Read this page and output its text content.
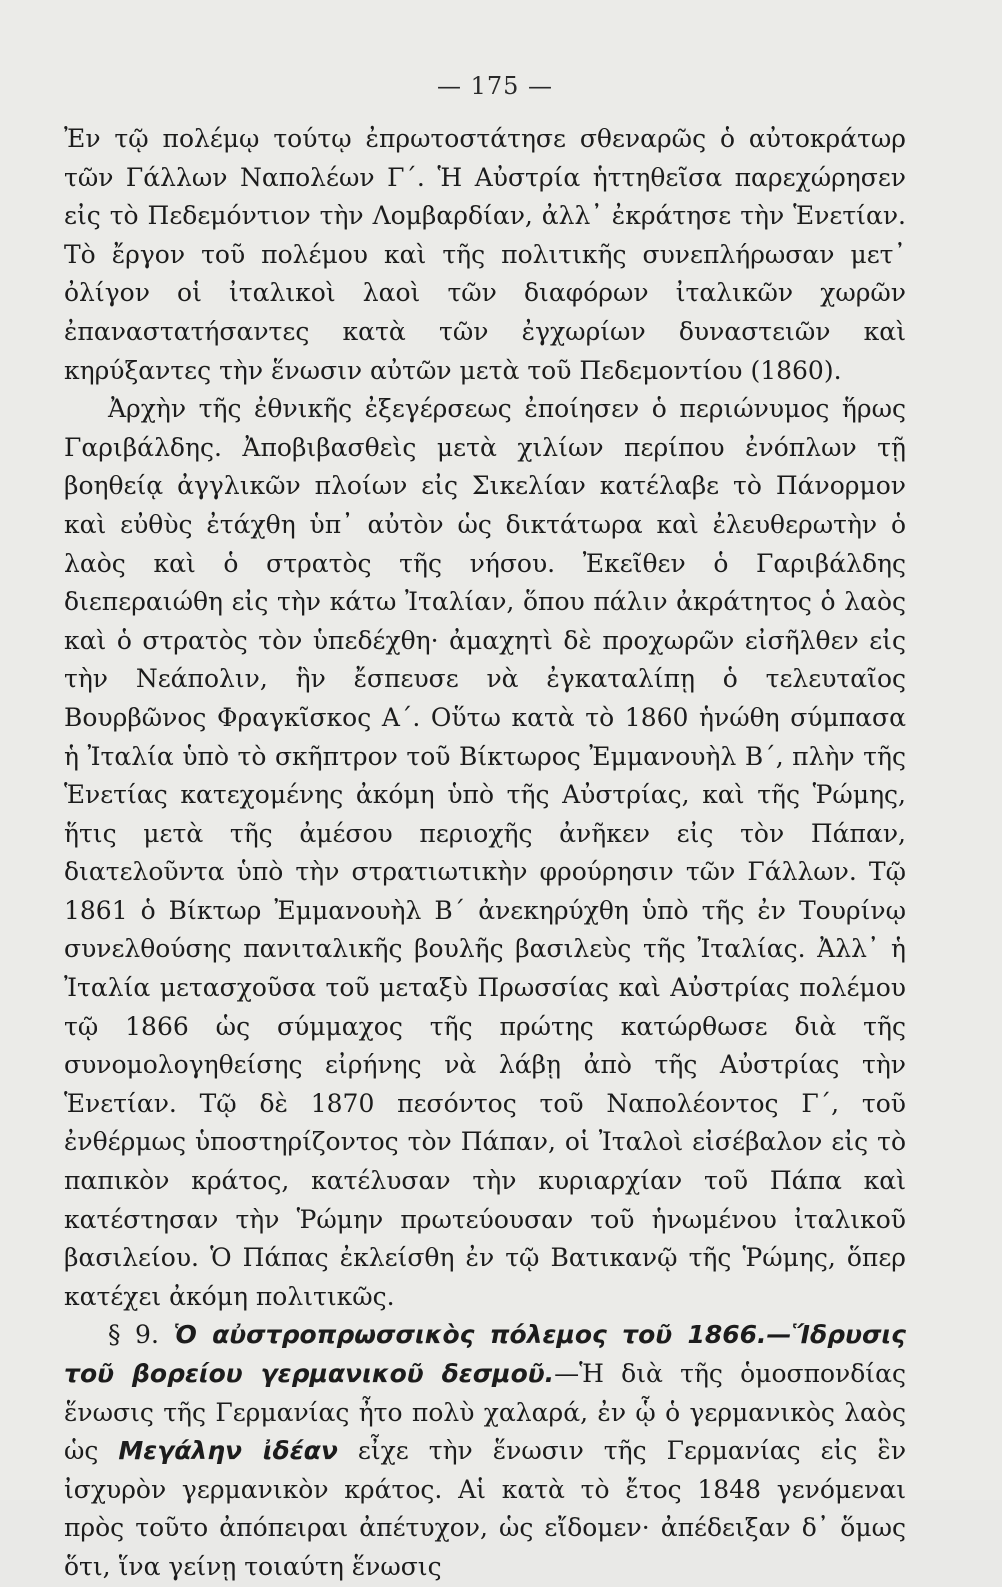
— 175 —

Ἐν τῷ πολέμῳ τούτῳ ἐπρωτοστάτησε σθεναρῶς ὁ αὐτοκράτωρ τῶν Γάλλων Ναπολέων Γ΄. Ἡ Αὐστρία ἡττηθεῖσα παρεχώρησεν εἰς τὸ Πεδεμόντιον τὴν Λομβαρδίαν, ἀλλ᾿ ἐκράτησε τὴν Ἑνετίαν. Τὸ ἔργον τοῦ πολέμου καὶ τῆς πολιτικῆς συνεπλήρωσαν μετ᾿ ὀλίγον οἱ ἰταλικοὶ λαοὶ τῶν διαφόρων ἰταλικῶν χωρῶν ἐπαναστατήσαντες κατὰ τῶν ἐγχωρίων δυναστειῶν καὶ κηρύξαντες τὴν ἕνωσιν αὐτῶν μετὰ τοῦ Πεδεμοντίου (1860).

Ἀρχὴν τῆς ἐθνικῆς ἐξεγέρσεως ἐποίησεν ὁ περιώνυμος ἥρως Γαριβάλδης. Ἀποβιβασθεὶς μετὰ χιλίων περίπου ἐνόπλων τῇ βοηθείᾳ ἀγγλικῶν πλοίων εἰς Σικελίαν κατέλαβε τὸ Πάνορμον καὶ εὐθὺς ἐτάχθη ὑπ᾿ αὐτὸν ὡς δικτάτωρα καὶ ἐλευθερωτὴν ὁ λαὸς καὶ ὁ στρατὸς τῆς νήσου. Ἐκεῖθεν ὁ Γαριβάλδης διεπεραιώθη εἰς τὴν κάτω Ἰταλίαν, ὅπου πάλιν ἀκράτητος ὁ λαὸς καὶ ὁ στρατὸς τὸν ὑπεδέχθη· ἀμαχητὶ δὲ προχωρῶν εἰσῆλθεν εἰς τὴν Νεάπολιν, ἣν ἔσπευσε νὰ ἐγκαταλίπῃ ὁ τελευταῖος Βουρβῶνος Φραγκῖσκος Α΄. Οὕτω κατὰ τὸ 1860 ἡνώθη σύμπασα ἡ Ἰταλία ὑπὸ τὸ σκῆπτρον τοῦ Βίκτωρος Ἐμμανουὴλ Β΄, πλὴν τῆς Ἑνετίας κατεχομένης ἀκόμη ὑπὸ τῆς Αὐστρίας, καὶ τῆς Ῥώμης, ἥτις μετὰ τῆς ἀμέσου περιοχῆς ἀνῆκεν εἰς τὸν Πάπαν, διατελοῦντα ὑπὸ τὴν στρατιωτικὴν φρούρησιν τῶν Γάλλων. Τῷ 1861 ὁ Βίκτωρ Ἐμμανουὴλ Β΄ ἀνεκηρύχθη ὑπὸ τῆς ἐν Τουρίνῳ συνελθούσης πανιταλικῆς βουλῆς βασιλεὺς τῆς Ἰταλίας. Ἀλλ᾿ ἡ Ἰταλία μετασχοῦσα τοῦ μεταξὺ Πρωσσίας καὶ Αὐστρίας πολέμου τῷ 1866 ὡς σύμμαχος τῆς πρώτης κατώρθωσε διὰ τῆς συνομολογηθείσης εἰρήνης νὰ λάβῃ ἀπὸ τῆς Αὐστρίας τὴν Ἑνετίαν. Τῷ δὲ 1870 πεσόντος τοῦ Ναπολέοντος Γ΄, τοῦ ἐνθέρμως ὑποστηρίζοντος τὸν Πάπαν, οἱ Ἰταλοὶ εἰσέβαλον εἰς τὸ παπικὸν κράτος, κατέλυσαν τὴν κυριαρχίαν τοῦ Πάπα καὶ κατέστησαν τὴν Ῥώμην πρωτεύουσαν τοῦ ἡνωμένου ἰταλικοῦ βασιλείου. Ὁ Πάπας ἐκλείσθη ἐν τῷ Βατικανῷ τῆς Ῥώμης, ὅπερ κατέχει ἀκόμη πολιτικῶς.

§ 9. Ὁ αὐστροπρωσσικὸς πόλεμος τοῦ 1866.—Ἵδρυσις τοῦ βορείου γερμανικοῦ δεσμοῦ.—Ἡ διὰ τῆς ὁμοσπονδίας ἕνωσις τῆς Γερμανίας ἦτο πολὺ χαλαρά, ἐν ᾧ ὁ γερμανικὸς λαὸς ὡς Μεγάλην ἰδέαν εἶχε τὴν ἕνωσιν τῆς Γερμανίας εἰς ἓν ἰσχυρὸν γερμανικὸν κράτος. Αἱ κατὰ τὸ ἔτος 1848 γενόμεναι πρὸς τοῦτο ἀπόπειραι ἀπέτυχον, ὡς εἴδομεν· ἀπέδειξαν δ᾿ ὅμως ὅτι, ἵνα γείνῃ τοιαύτη ἕνωσις
